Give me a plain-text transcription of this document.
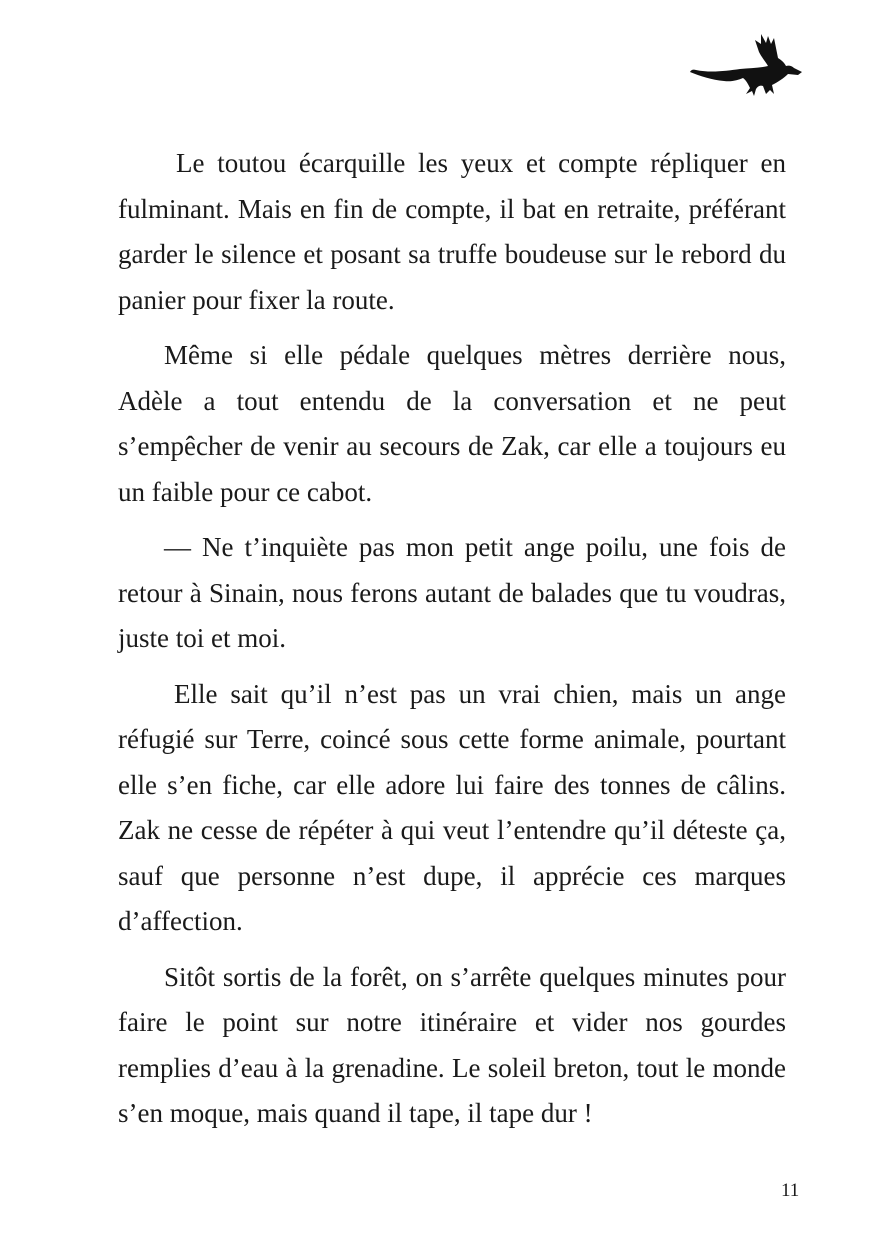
Le toutou écarquille les yeux et compte répliquer en fulminant. Mais en fin de compte, il bat en retraite, préférant garder le silence et posant sa truffe boudeuse sur le rebord du panier pour fixer la route.

Même si elle pédale quelques mètres derrière nous, Adèle a tout entendu de la conversation et ne peut s’empêcher de venir au secours de Zak, car elle a toujours eu un faible pour ce cabot.

— Ne t’inquiète pas mon petit ange poilu, une fois de retour à Sinain, nous ferons autant de balades que tu voudras, juste toi et moi.

Elle sait qu’il n’est pas un vrai chien, mais un ange réfugié sur Terre, coincé sous cette forme animale, pourtant elle s’en fiche, car elle adore lui faire des tonnes de câlins. Zak ne cesse de répéter à qui veut l’entendre qu’il déteste ça, sauf que personne n’est dupe, il apprécie ces marques d’affection.

Sitôt sortis de la forêt, on s’arrête quelques minutes pour faire le point sur notre itinéraire et vider nos gourdes remplies d’eau à la grenadine. Le soleil breton, tout le monde s’en moque, mais quand il tape, il tape dur !

11
